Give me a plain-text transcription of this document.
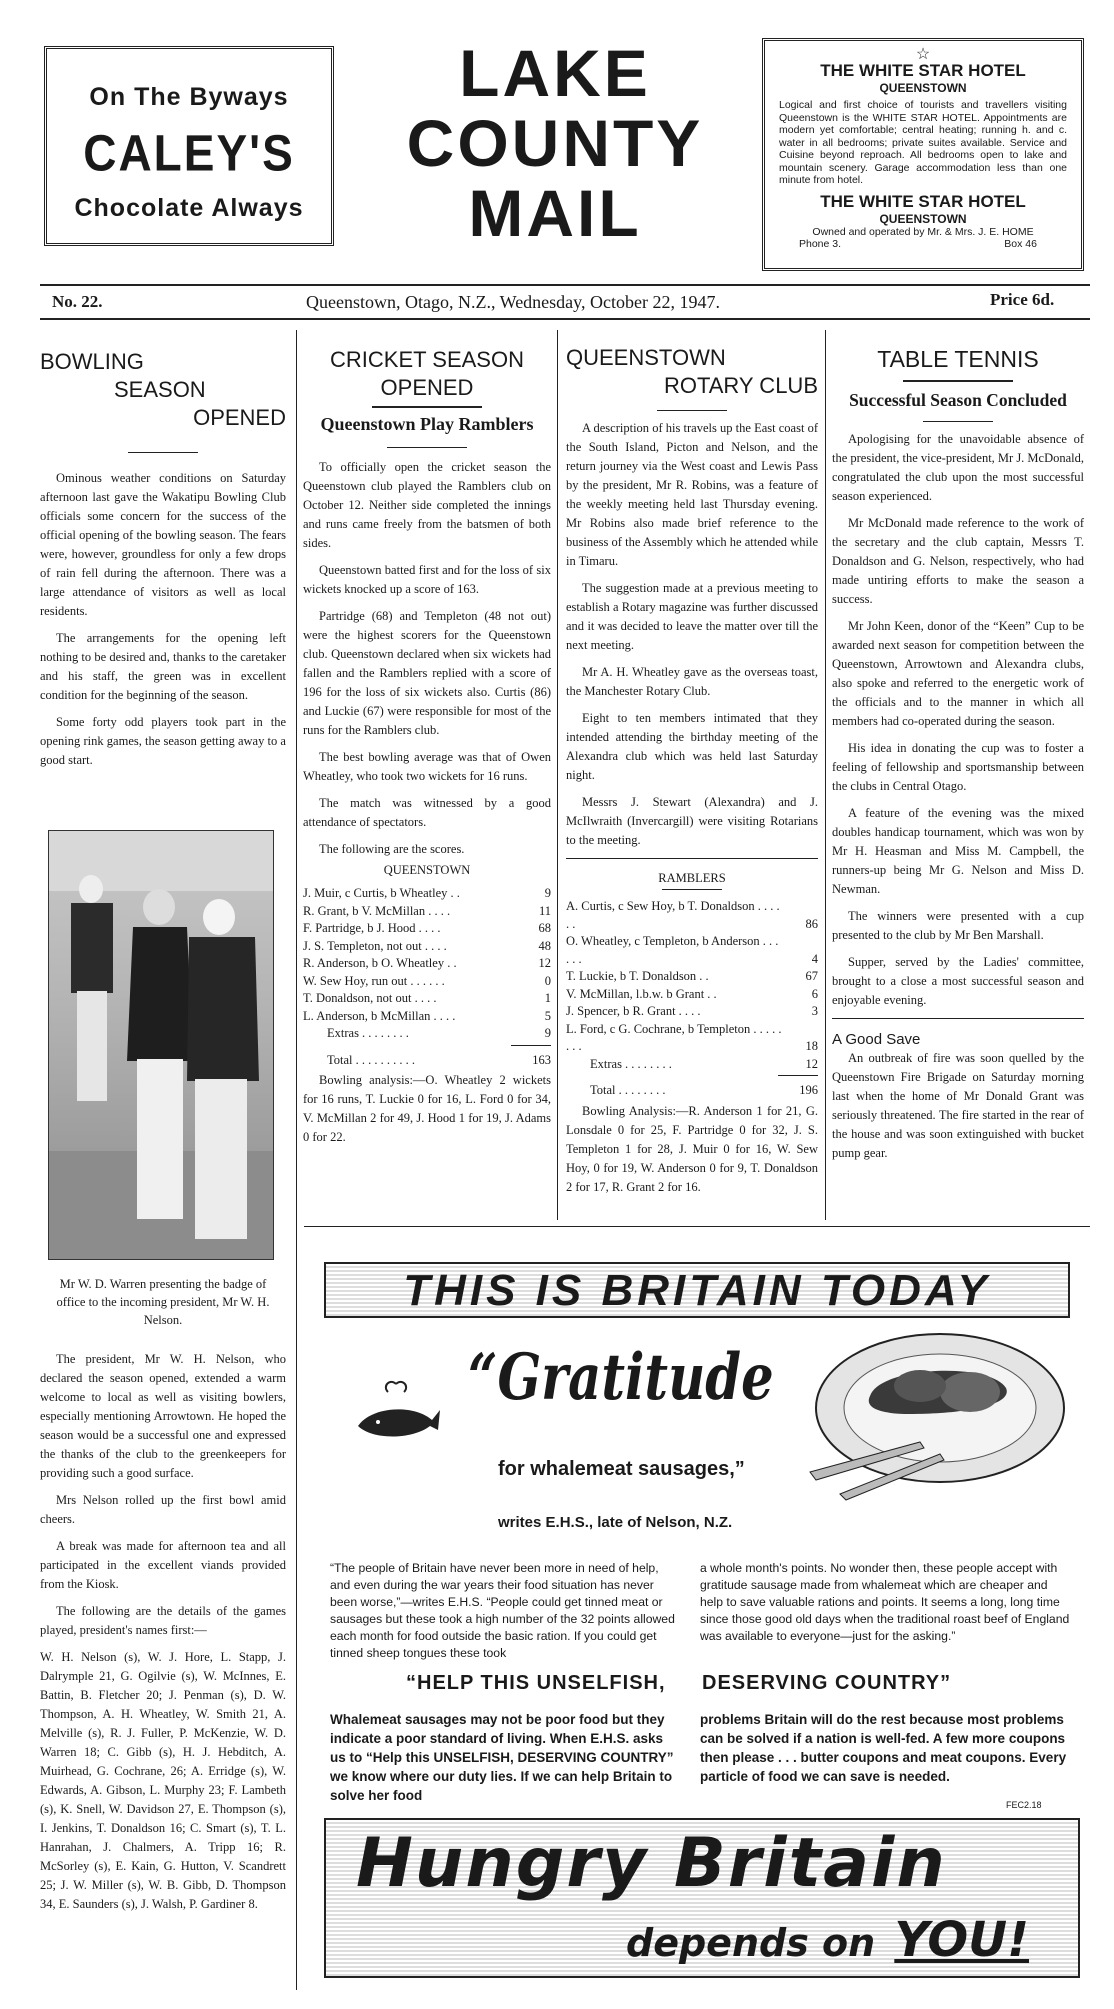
On The Byways
CALEY'S
Chocolate Always
LAKE
COUNTY
MAIL
☆
THE WHITE STAR HOTEL
QUEENSTOWN
Logical and first choice of tourists and travellers visiting Queenstown is the WHITE STAR HOTEL. Appointments are modern yet comfortable; central heating; running h. and c. water in all bedrooms; private suites available. Service and Cuisine beyond reproach. All bedrooms open to lake and mountain scenery. Garage accommodation less than one minute from hotel.
THE WHITE STAR HOTEL
QUEENSTOWN
Owned and operated by Mr. & Mrs. J. E. HOME
Phone 3.	Box 46
No. 22.	Queenstown, Otago, N.Z., Wednesday, October 22, 1947.	Price 6d.
BOWLING
SEASON
OPENED

Ominous weather conditions on Saturday afternoon last gave the Wakatipu Bowling Club officials some concern for the success of the official opening of the bowling season. The fears were, however, groundless for only a few drops of rain fell during the afternoon. There was a large attendance of visitors as well as local residents.

The arrangements for the opening left nothing to be desired and, thanks to the caretaker and his staff, the green was in excellent condition for the beginning of the season.

Some forty odd players took part in the opening rink games, the season getting away to a good start.

Mr W. D. Warren presenting the badge of office to the incoming president, Mr W. H. Nelson.

The president, Mr W. H. Nelson, who declared the season opened, extended a warm welcome to local as well as visiting bowlers, especially mentioning Arrowtown. He hoped the season would be a successful one and expressed the thanks of the club to the greenkeepers for providing such a good surface.

Mrs Nelson rolled up the first bowl amid cheers.

A break was made for afternoon tea and all participated in the excellent viands provided from the Kiosk.

The following are the details of the games played, president's names first:—

W. H. Nelson (s), W. J. Hore, L. Stapp, J. Dalrymple 21, G. Ogilvie (s), W. McInnes, E. Battin, B. Fletcher 20; J. Penman (s), D. W. Thompson, A. H. Wheatley, W. Smith 21, A. Melville (s), R. J. Fuller, P. McKenzie, W. D. Warren 18; C. Gibb (s), H. J. Hebditch, A. Muirhead, G. Cochrane, 26; A. Erridge (s), W. Edwards, A. Gibson, L. Murphy 23; F. Lambeth (s), K. Snell, W. Davidson 27, E. Thompson (s), I. Jenkins, T. Donaldson 16; C. Smart (s), T. L. Hanrahan, J. Chalmers, A. Tripp 16; R. McSorley (s), E. Kain, G. Hutton, V. Scandrett 25; J. W. Miller (s), W. B. Gibb, D. Thompson 34, E. Saunders (s), J. Walsh, P. Gardiner 8.

CRICKET SEASON
OPENED
Queenstown Play Ramblers

To officially open the cricket season the Queenstown club played the Ramblers club on October 12. Neither side completed the innings and runs came freely from the batsmen of both sides.

Queenstown batted first and for the loss of six wickets knocked up a score of 163.

Partridge (68) and Templeton (48 not out) were the highest scorers for the Queenstown club. Queenstown declared when six wickets had fallen and the Ramblers replied with a score of 196 for the loss of six wickets also. Curtis (86) and Luckie (67) were responsible for most of the runs for the Ramblers club.

The best bowling average was that of Owen Wheatley, who took two wickets for 16 runs.

The match was witnessed by a good attendance of spectators.

The following are the scores.

QUEENSTOWN
J. Muir, c Curtis, b Wheatley . .	9
R. Grant, b V. McMillan . . . .	11
F. Partridge, b J. Hood . . . .	68
J. S. Templeton, not out . . . .	48
R. Anderson, b O. Wheatley . .	12
W. Sew Hoy, run out . . . . . .	0
T. Donaldson, not out . . . .	1
L. Anderson, b McMillan . . . .	5
Extras . . . . . . . .	9
Total . . . . . . . . . .	163

Bowling analysis:—O. Wheatley 2 wickets for 16 runs, T. Luckie 0 for 16, L. Ford 0 for 34, V. McMillan 2 for 49, J. Hood 1 for 19, J. Adams 0 for 22.

QUEENSTOWN
ROTARY CLUB

A description of his travels up the East coast of the South Island, Picton and Nelson, and the return journey via the West coast and Lewis Pass by the president, Mr R. Robins, was a feature of the weekly meeting held last Thursday evening. Mr Robins also made brief reference to the business of the Assembly which he attended while in Timaru.

The suggestion made at a previous meeting to establish a Rotary magazine was further discussed and it was decided to leave the matter over till the next meeting.

Mr A. H. Wheatley gave as the overseas toast, the Manchester Rotary Club.

Eight to ten members intimated that they intended attending the birthday meeting of the Alexandra club which was held last Saturday night.

Messrs J. Stewart (Alexandra) and J. McIlwraith (Invercargill) were visiting Rotarians to the meeting.

RAMBLERS
A. Curtis, c Sew Hoy, b T. Donaldson . . . . . .	86
O. Wheatley, c Templeton, b Anderson . . . . . .	4
T. Luckie, b T. Donaldson . .	67
V. McMillan, l.b.w. b Grant . .	6
J. Spencer, b R. Grant . . . .	3
L. Ford, c G. Cochrane, b Templeton . . . . . . . .	18
Extras . . . . . . . .	12
Total . . . . . . . .	196

Bowling Analysis:—R. Anderson 1 for 21, G. Lonsdale 0 for 25, F. Partridge 0 for 32, J. S. Templeton 1 for 28, J. Muir 0 for 16, W. Sew Hoy, 0 for 19, W. Anderson 0 for 9, T. Donaldson 2 for 17, R. Grant 2 for 16.

TABLE TENNIS
Successful Season Concluded

Apologising for the unavoidable absence of the president, the vice-president, Mr J. McDonald, congratulated the club upon the most successful season experienced.

Mr McDonald made reference to the work of the secretary and the club captain, Messrs T. Donaldson and G. Nelson, respectively, who had made untiring efforts to make the season a success.

Mr John Keen, donor of the “Keen” Cup to be awarded next season for competition between the Queenstown, Arrowtown and Alexandra clubs, also spoke and referred to the energetic work of the officials and to the manner in which all members had co-operated during the season.

His idea in donating the cup was to foster a feeling of fellowship and sportsmanship between the clubs in Central Otago.

A feature of the evening was the mixed doubles handicap tournament, which was won by Mr H. Heasman and Miss M. Campbell, the runners-up being Mr G. Nelson and Miss D. Newman.

The winners were presented with a cup presented to the club by Mr Ben Marshall.

Supper, served by the Ladies' committee, brought to a close a most successful season and enjoyable evening.

A Good Save

An outbreak of fire was soon quelled by the Queenstown Fire Brigade on Saturday morning last when the home of Mr Donald Grant was seriously threatened. The fire started in the rear of the house and was soon extinguished with bucket pump gear.

THIS IS BRITAIN TODAY
“Gratitude
for whalemeat sausages,”
writes E.H.S., late of Nelson, N.Z.
“The people of Britain have never been more in need of help, and even during the war years their food situation has never been worse,”—writes E.H.S. “People could get tinned meat or sausages but these took a high number of the 32 points allowed each month for food outside the basic ration. If you could get tinned sheep tongues these took
a whole month's points. No wonder then, these people accept with gratitude sausage made from whalemeat which are cheaper and help to save valuable rations and points. It seems a long, long time since those good old days when the traditional roast beef of England was available to everyone—just for the asking.”
“HELP THIS UNSELFISH, DESERVING COUNTRY”
Whalemeat sausages may not be poor food but they indicate a poor standard of living. When E.H.S. asks us to “Help this UNSELFISH, DESERVING COUNTRY” we know where our duty lies. If we can help Britain to solve her food
problems Britain will do the rest because most problems can be solved if a nation is well-fed. A few more coupons then please . . . butter coupons and meat coupons. Every particle of food we can save is needed.
FEC2.18
Hungry Britain
depends on YOU!
